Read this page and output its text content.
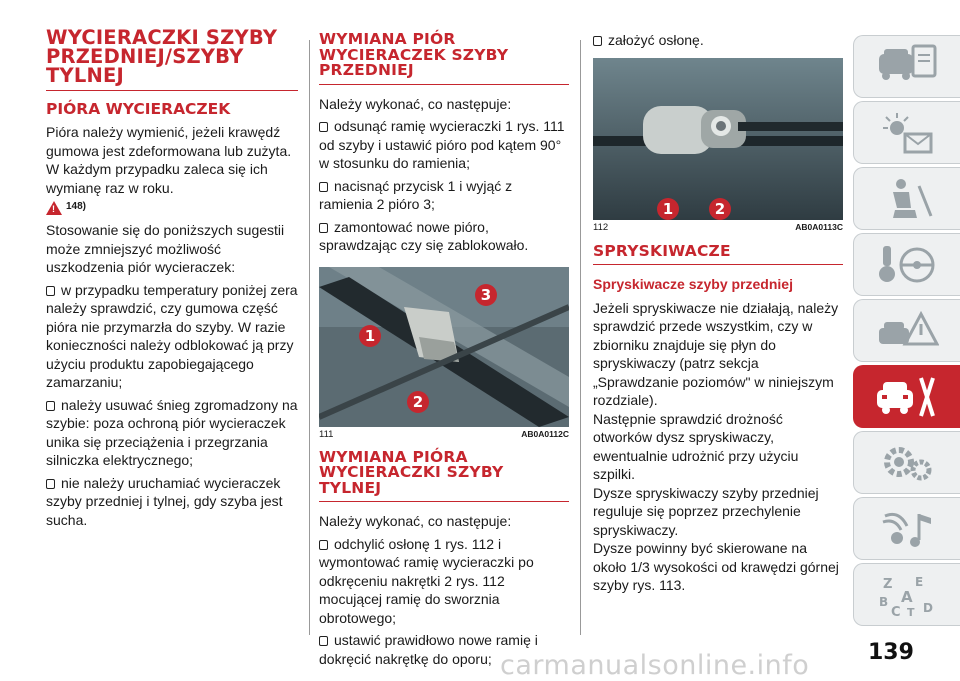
WYCIERACZKI SZYBY PRZEDNIEJ/SZYBY TYLNEJ
PIÓRA WYCIERACZEK

Pióra należy wymienić, jeżeli krawędź gumowa jest zdeformowana lub zużyta. W każdym przypadku zaleca się ich wymianę raz w roku.

! 148)

Stosowanie się do poniższych sugestii może zmniejszyć możliwość uszkodzenia piór wycieraczek:

w przypadku temperatury poniżej zera należy sprawdzić, czy gumowa część pióra nie przymarzła do szyby. W razie konieczności należy odblokować ją przy użyciu produktu zapobiegającego zamarzaniu;
należy usuwać śnieg zgromadzony na szybie: poza ochroną piór wycieraczek unika się przeciążenia i przegrzania silniczka elektrycznego;
nie należy uruchamiać wycieraczek szyby przedniej i tylnej, gdy szyba jest sucha.
WYMIANA PIÓR WYCIERACZEK SZYBY PRZEDNIEJ

Należy wykonać, co następuje:

odsunąć ramię wycieraczki 1 rys. 111 od szyby i ustawić pióro pod kątem 90° w stosunku do ramienia;
nacisnąć przycisk 1 i wyjąć z ramienia 2 pióro 3;
zamontować nowe pióro, sprawdzając czy się zablokowało.
1
3
2
111	AB0A0112C
WYMIANA PIÓRA WYCIERACZKI SZYBY TYLNEJ

Należy wykonać, co następuje:

odchylić osłonę 1 rys. 112 i wymontować ramię wycieraczki po odkręceniu nakrętki 2 rys. 112 mocującej ramię do sworznia obrotowego;
ustawić prawidłowo nowe ramię i dokręcić nakrętkę do oporu;
założyć osłonę.
1	2
112	AB0A0113C
SPRYSKIWACZE
Spryskiwacze szyby przedniej

Jeżeli spryskiwacze nie działają, należy sprawdzić przede wszystkim, czy w zbiorniku znajduje się płyn do spryskiwaczy (patrz sekcja „Sprawdzanie poziomów" w niniejszym rozdziale).
Następnie sprawdzić drożność otworków dysz spryskiwaczy, ewentualnie udrożnić przy użyciu szpilki.
Dysze spryskiwaczy szyby przedniej reguluje się poprzez przechylenie spryskiwaczy.
Dysze powinny być skierowane na około 1/3 wysokości od krawędzi górnej szyby rys. 113.	Z E
A
B
C T D
139
carmanualsonline.info
